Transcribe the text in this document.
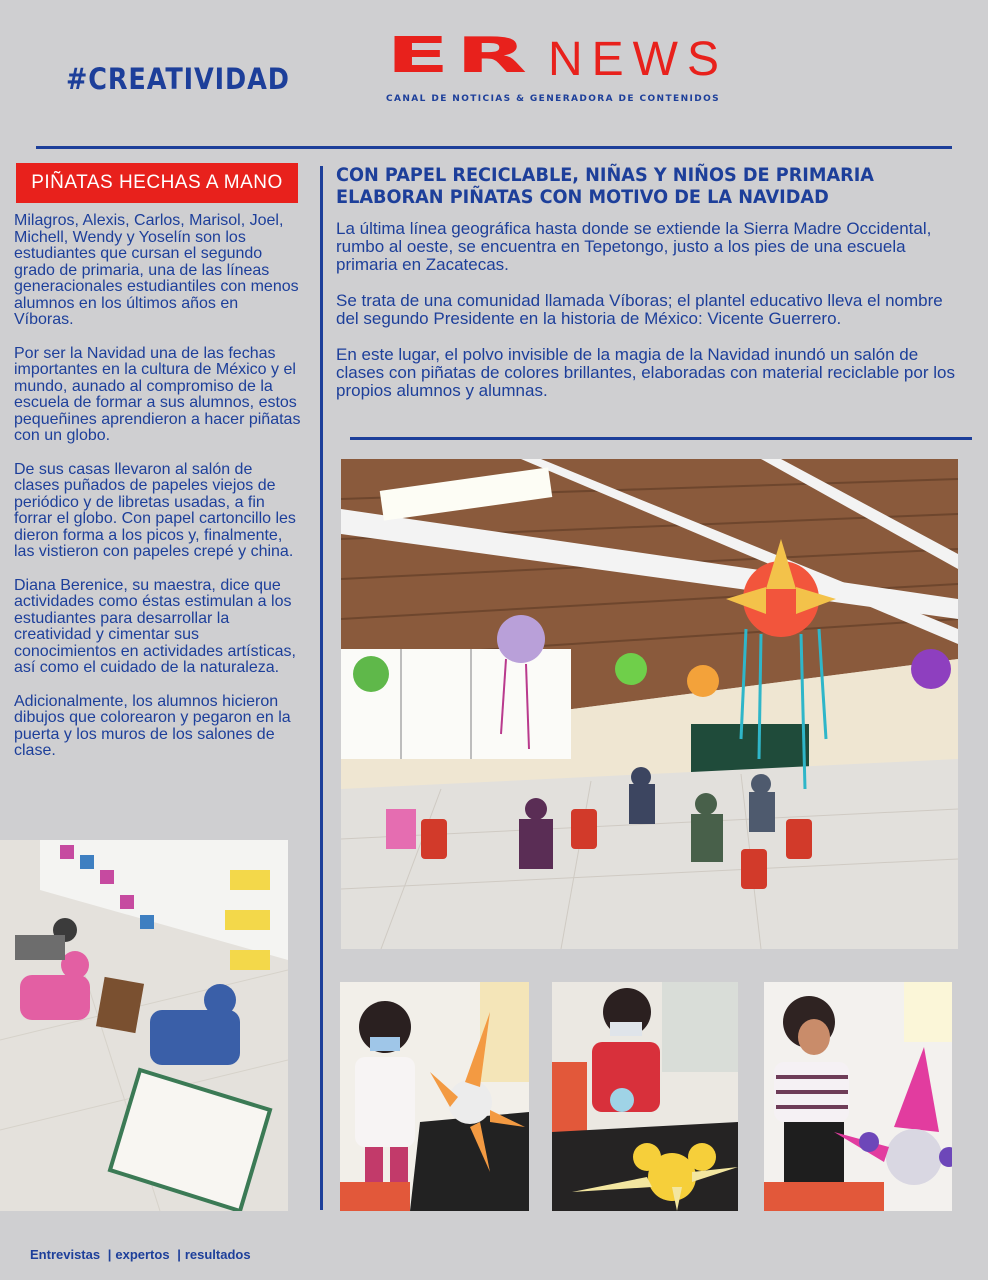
#CREATIVIDAD ER NEWS
CANAL DE NOTICIAS & GENERADORA DE CONTENIDOS
PIÑATAS HECHAS A MANO

Milagros, Alexis, Carlos, Marisol, Joel, Michell, Wendy y Yoselín son los estudiantes que cursan el segundo grado de primaria, una de las líneas generacionales estudiantiles con menos alumnos en los últimos años en Víboras.

Por ser la Navidad una de las fechas importantes en la cultura de México y el mundo, aunado al compromiso de la escuela de formar a sus alumnos, estos pequeñines aprendieron a hacer piñatas con un globo.

De sus casas llevaron al salón de clases puñados de papeles viejos de periódico y de libretas usadas, a fin forrar el globo. Con papel cartoncillo les dieron forma a los picos y, finalmente, las vistieron con papeles crepé y china.

Diana Berenice, su maestra, dice que actividades como éstas estimulan a los estudiantes para desarrollar la creatividad y cimentar sus conocimientos en actividades artísticas, así como el cuidado de la naturaleza.

Adicionalmente, los alumnos hicieron dibujos que colorearon y pegaron en la puerta y los muros de los salones de clase.

CON PAPEL RECICLABLE, NIÑAS Y NIÑOS DE PRIMARIA ELABORAN PIÑATAS CON MOTIVO DE LA NAVIDAD

La última línea geográfica hasta donde se extiende la Sierra Madre Occidental, rumbo al oeste, se encuentra en Tepetongo, justo a los pies de una escuela primaria en Zacatecas.

Se trata de una comunidad llamada Víboras; el plantel educativo lleva el nombre del segundo Presidente en la historia de México: Vicente Guerrero.

En este lugar, el polvo invisible de la magia de la Navidad inundó un salón de clases con piñatas de colores brillantes, elaboradas con material reciclable por los propios alumnos y alumnas.

Entrevistas | expertos | resultados
